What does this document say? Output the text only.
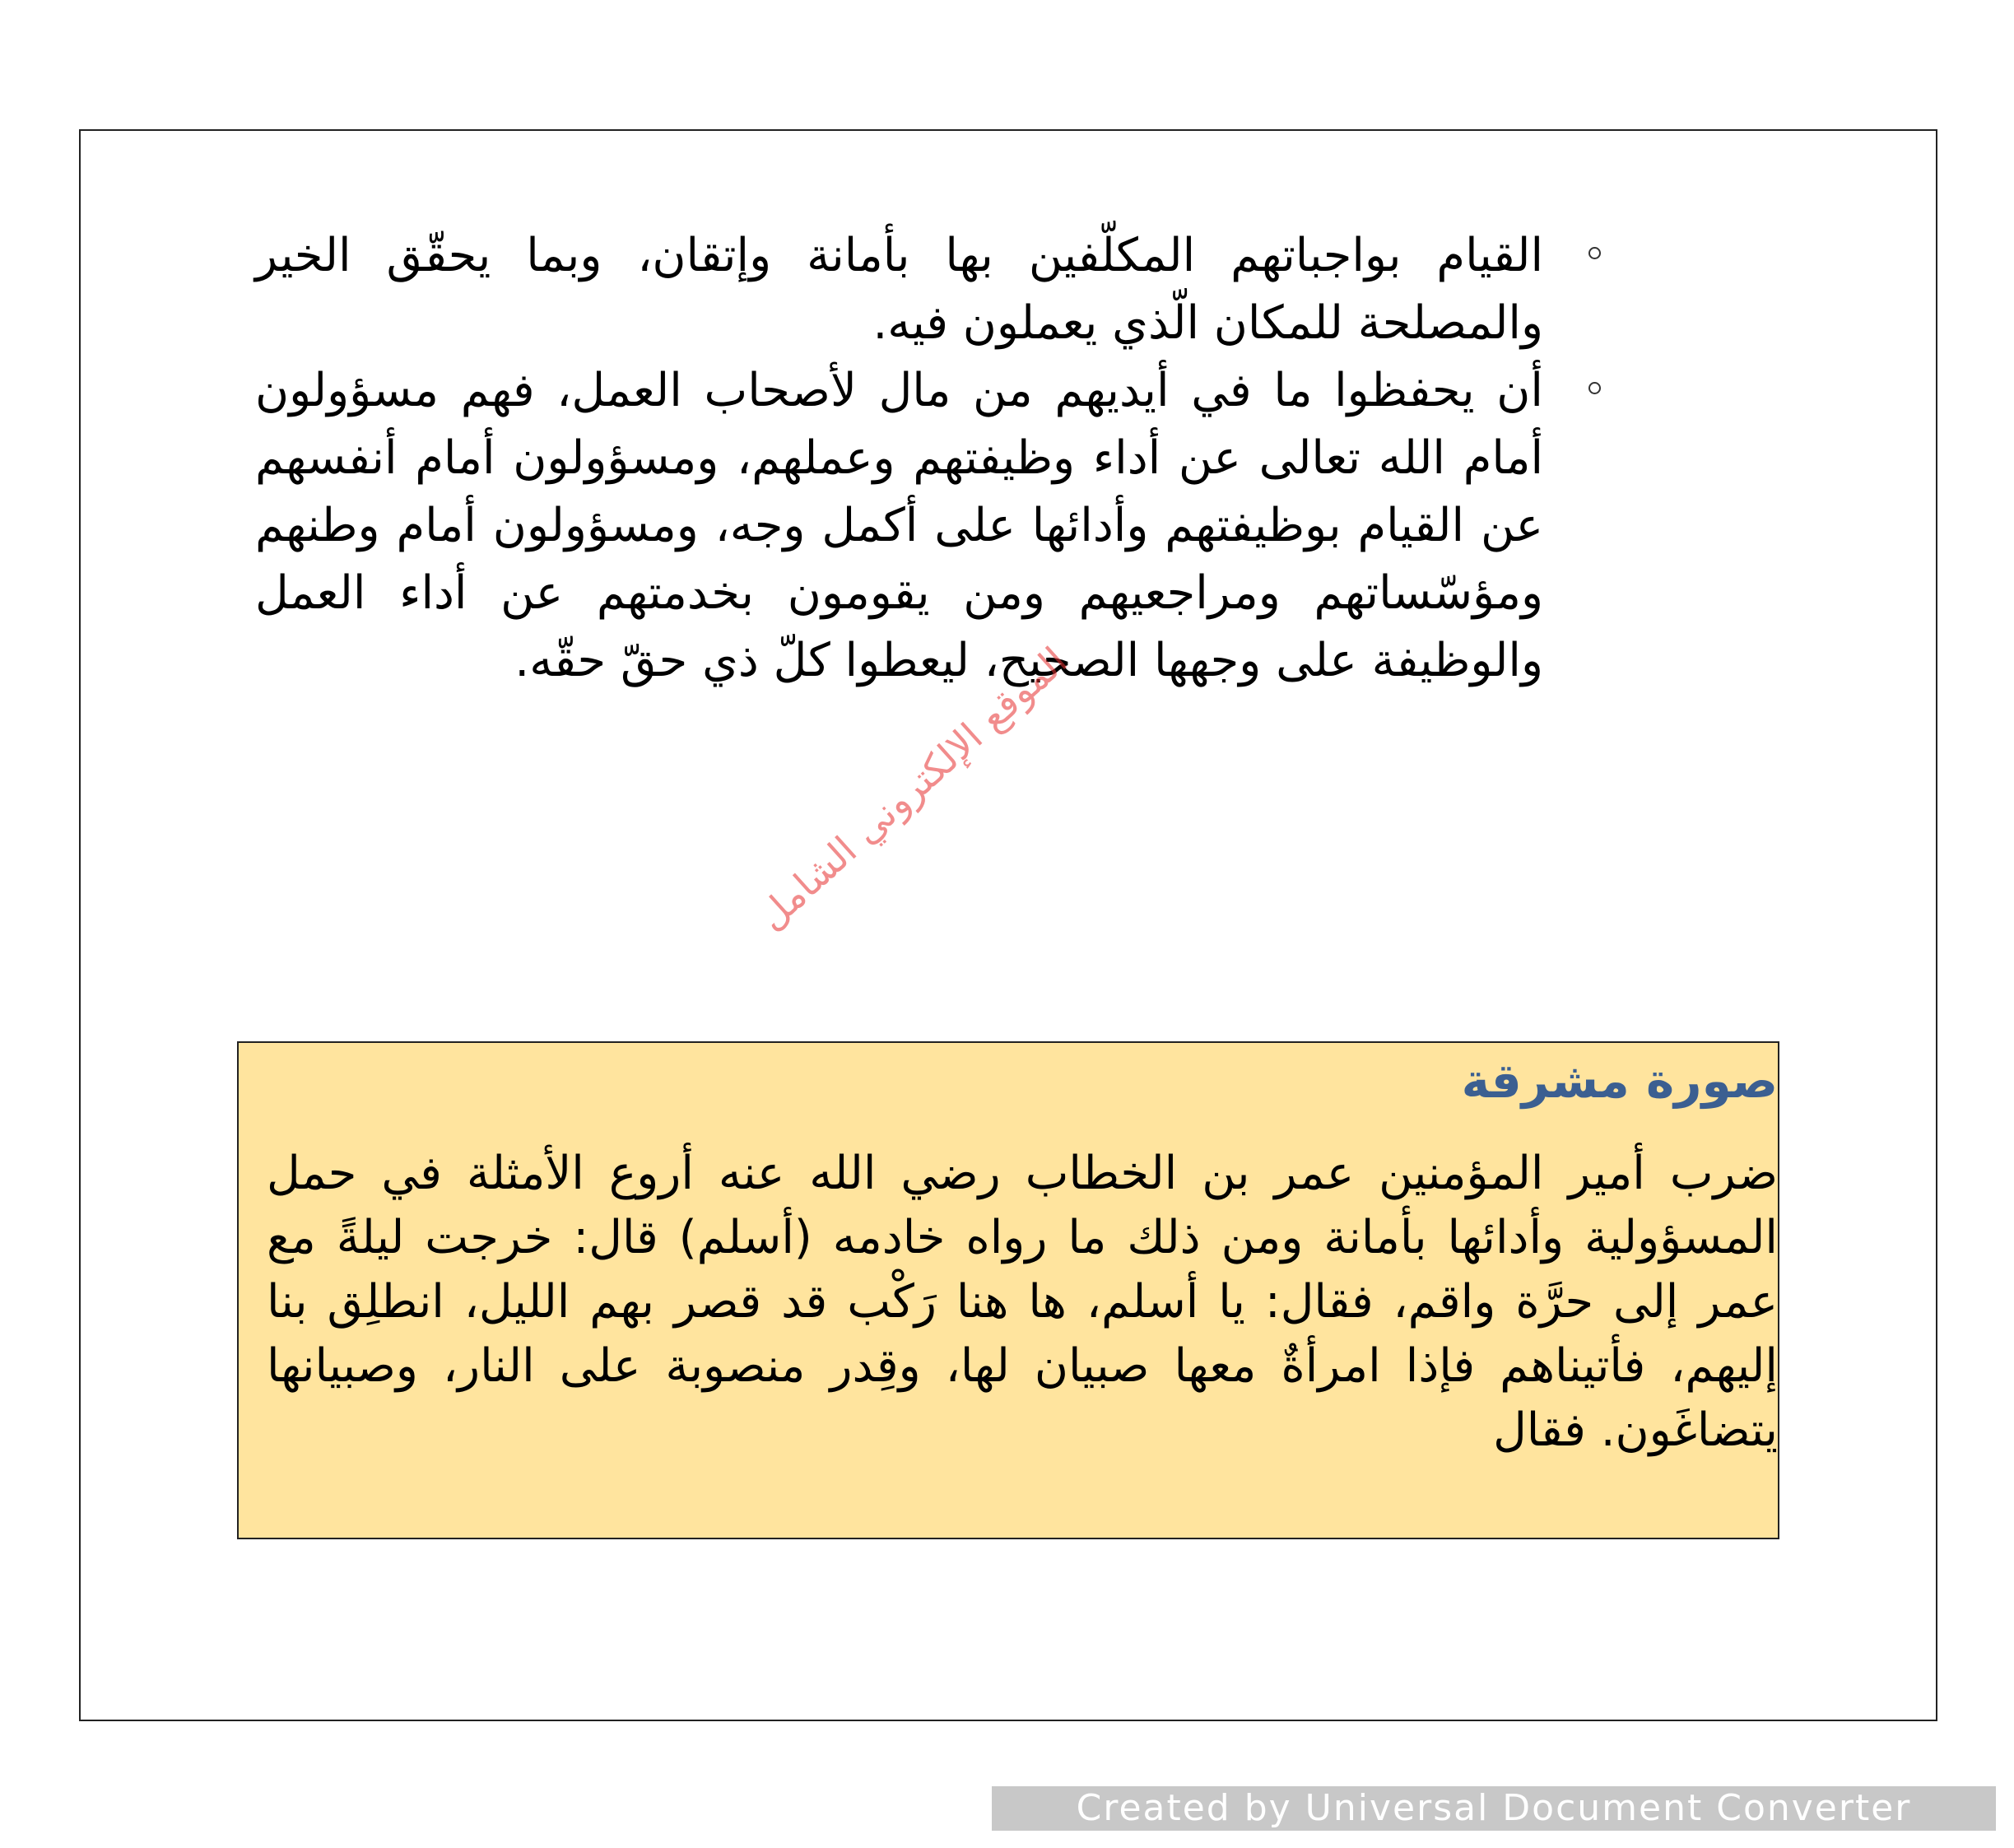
القيام بواجباتهم المكلّفين بها بأمانة وإتقان، وبما يحقّق الخير والمصلحة للمكان الّذي يعملون فيه.
أن يحفظوا ما في أيديهم من مال لأصحاب العمل، فهم مسؤولون أمام الله تعالى عن أداء وظيفتهم وعملهم، ومسؤولون أمام أنفسهم عن القيام بوظيفتهم وأدائها على أكمل وجه، ومسؤولون أمام وطنهم ومؤسّساتهم ومراجعيهم ومن يقومون بخدمتهم عن أداء العمل والوظيفة على وجهها الصحيح، ليعطوا كلّ ذي حقّ حقّه.
الموقع الإلكتروني الشامل
صورة مشرقة
ضرب أمير المؤمنين عمر بن الخطاب رضي الله عنه أروع الأمثلة في حمل المسؤولية وأدائها بأمانة ومن ذلك ما رواه خادمه (أسلم) قال: خرجت ليلةً مع عمر إلى حرَّة واقم، فقال: يا أسلم، ها هنا رَكْب قد قصر بهم الليل، انطلِق بنا إليهم، فأتيناهم فإذا امرأةٌ معها صبيان لها، وقِدر منصوبة على النار، وصبيانها يتضاغَون. فقال
Created by Universal Document Converter
